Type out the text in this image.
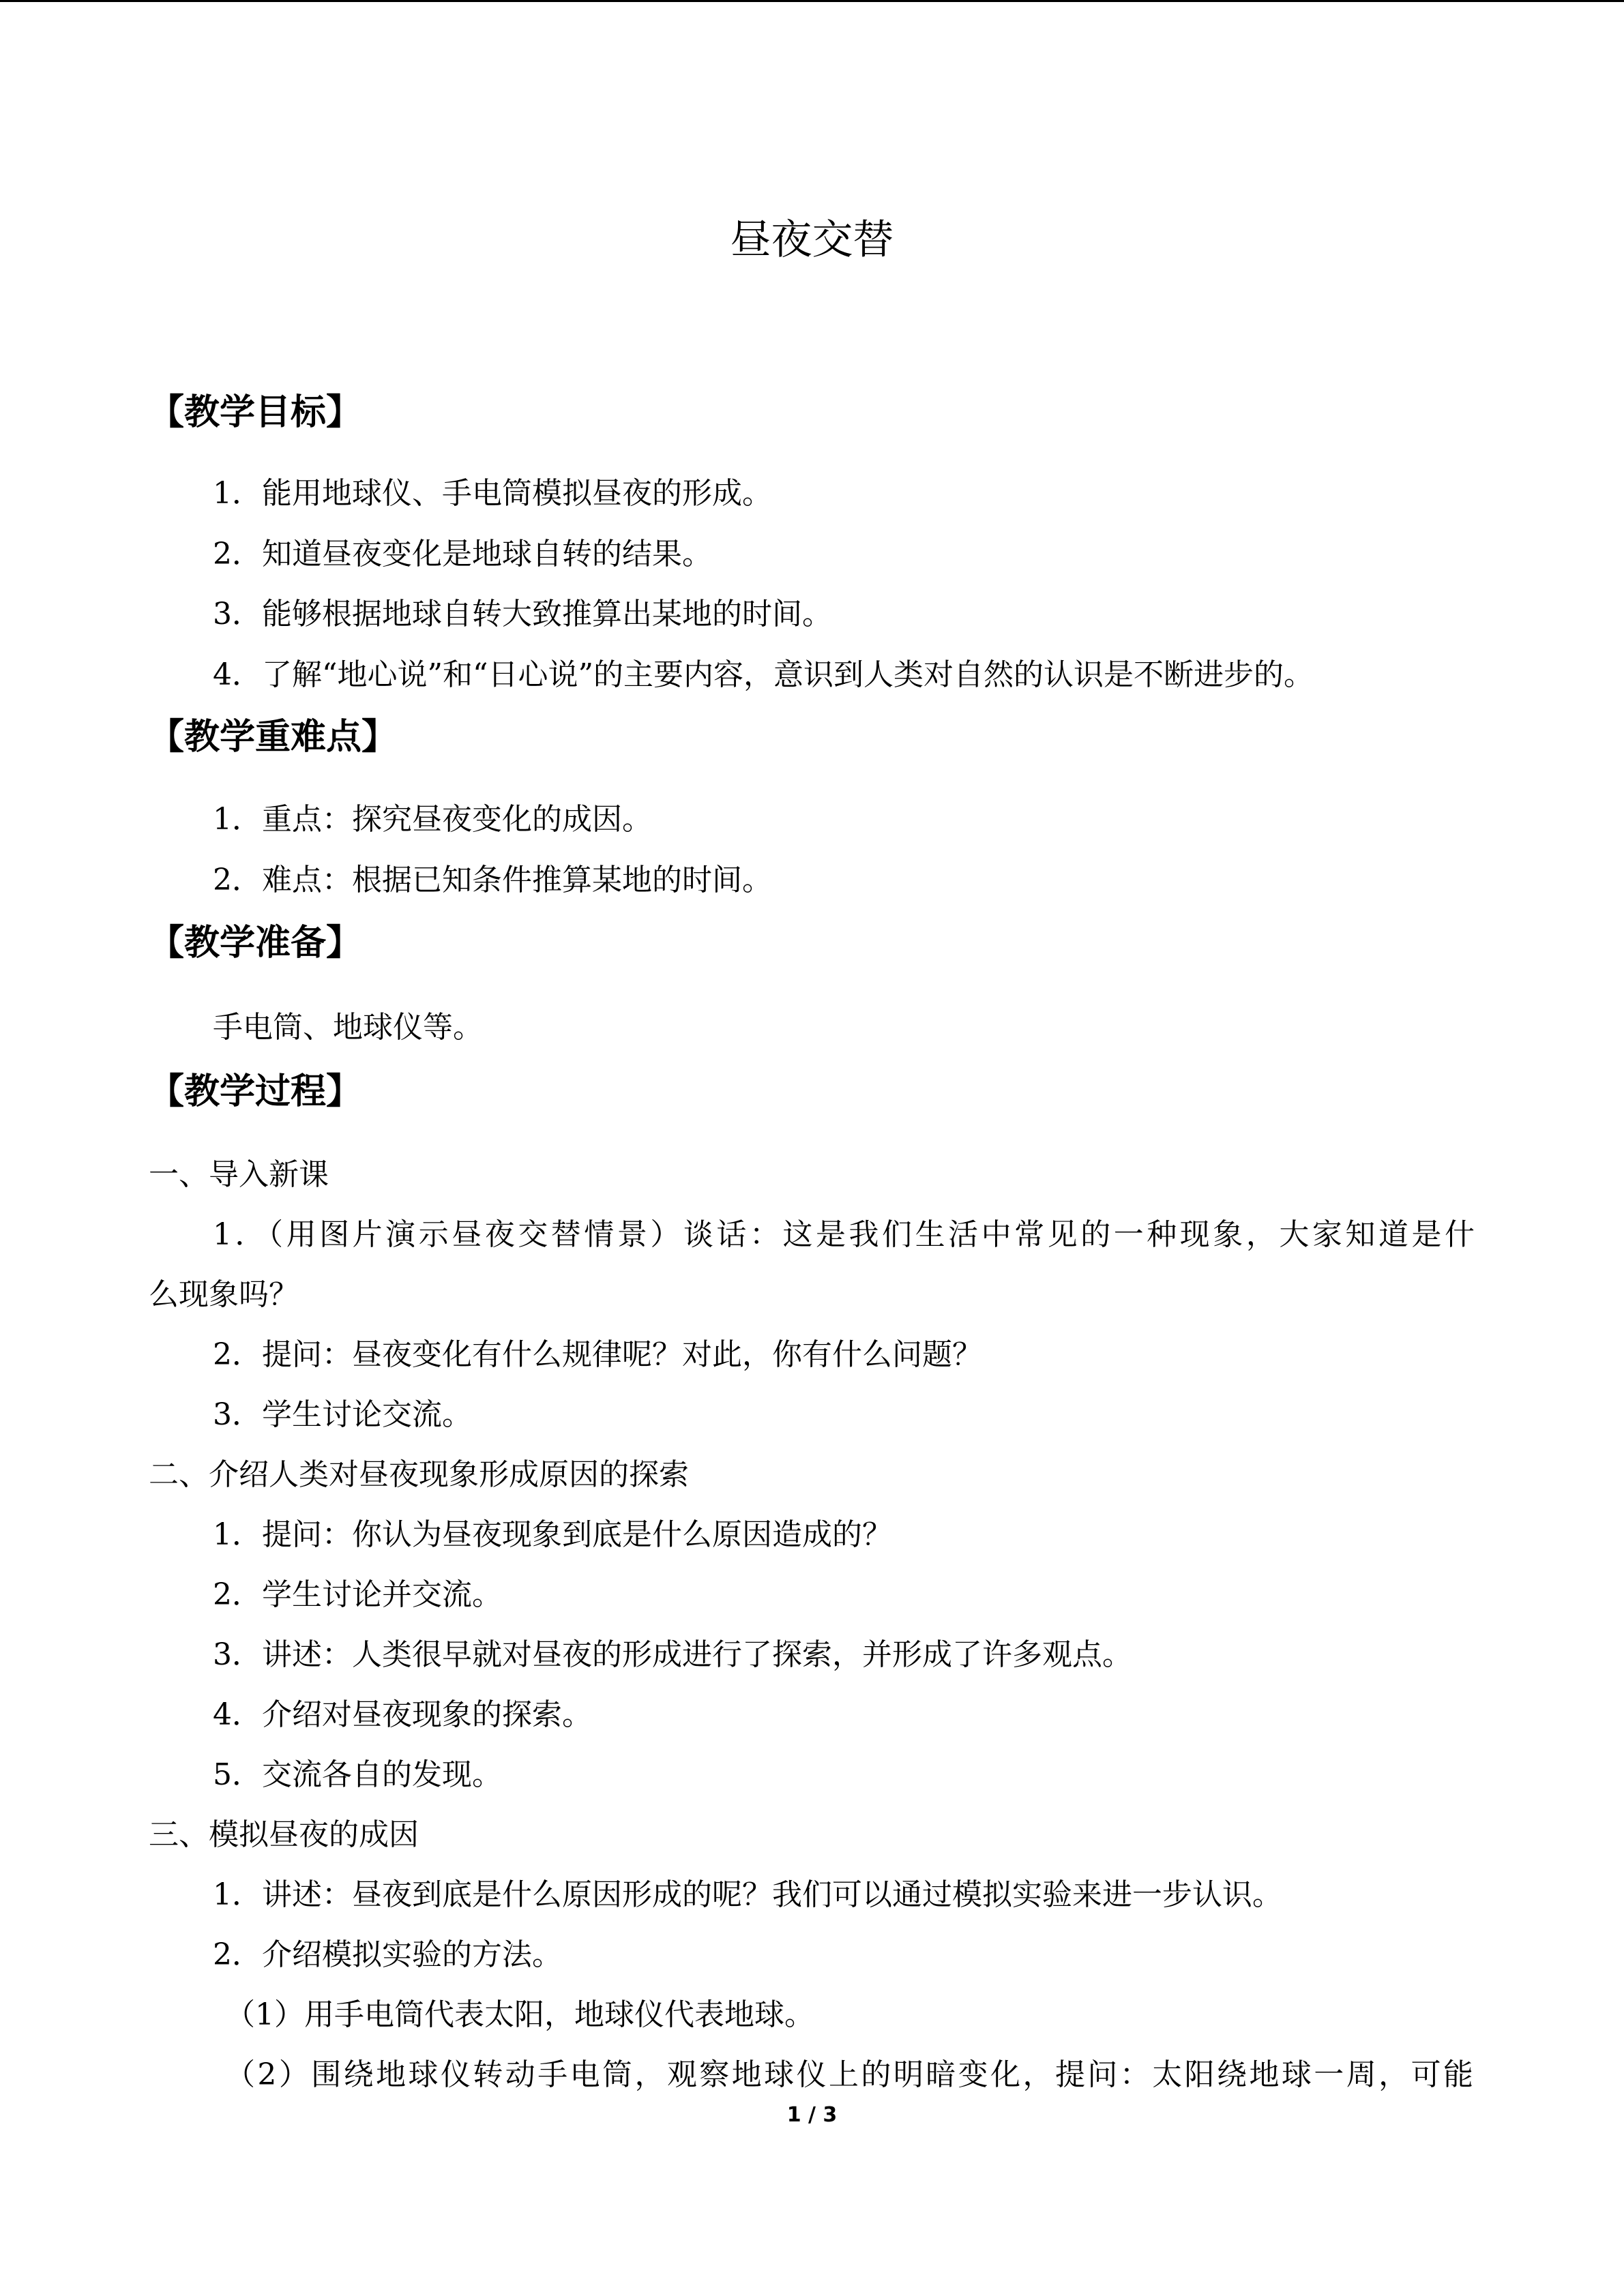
昼夜交替
【教学目标】
1．能用地球仪、手电筒模拟昼夜的形成。
2．知道昼夜变化是地球自转的结果。
3．能够根据地球自转大致推算出某地的时间。
4．了解“地心说”和“日心说”的主要内容，意识到人类对自然的认识是不断进步的。
【教学重难点】
1．重点：探究昼夜变化的成因。
2．难点：根据已知条件推算某地的时间。
【教学准备】
手电筒、地球仪等。
【教学过程】
一、导入新课
1．（用图片演示昼夜交替情景）谈话：这是我们生活中常见的一种现象，大家知道是什
么现象吗？
2．提问：昼夜变化有什么规律呢？对此，你有什么问题？
3．学生讨论交流。
二、介绍人类对昼夜现象形成原因的探索
1．提问：你认为昼夜现象到底是什么原因造成的？
2．学生讨论并交流。
3．讲述：人类很早就对昼夜的形成进行了探索，并形成了许多观点。
4．介绍对昼夜现象的探索。
5．交流各自的发现。
三、模拟昼夜的成因
1．讲述：昼夜到底是什么原因形成的呢？我们可以通过模拟实验来进一步认识。
2．介绍模拟实验的方法。
（1）用手电筒代表太阳，地球仪代表地球。
（2）围绕地球仪转动手电筒，观察地球仪上的明暗变化，提问：太阳绕地球一周，可能
1 / 3
